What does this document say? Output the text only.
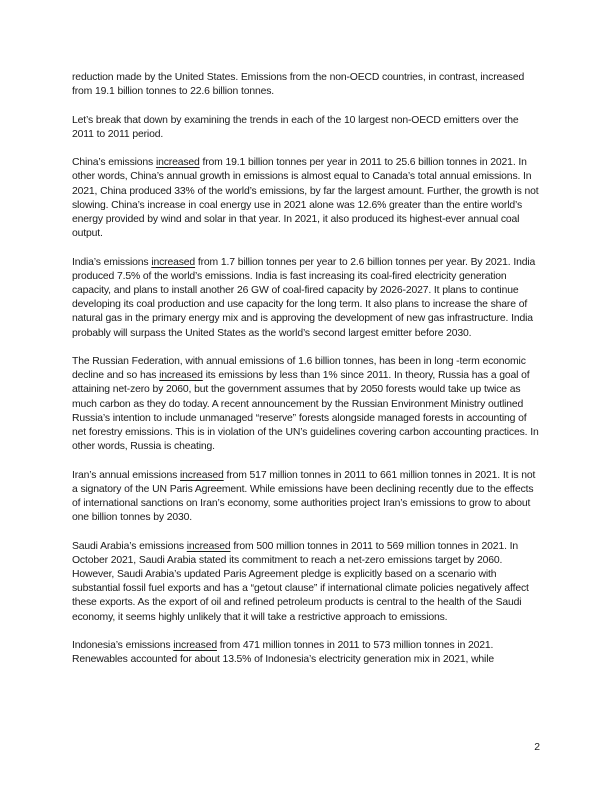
reduction made by the United States. Emissions from the non-OECD countries, in contrast, increased from 19.1 billion tonnes to 22.6 billion tonnes.

Let’s break that down by examining the trends in each of the 10 largest non-OECD emitters over the 2011 to 2011 period.

China’s emissions increased from 19.1 billion tonnes per year in 2011 to 25.6 billion tonnes in 2021. In other words, China’s annual growth in emissions is almost equal to Canada’s total annual emissions. In 2021, China produced 33% of the world’s emissions, by far the largest amount. Further, the growth is not slowing. China’s increase in coal energy use in 2021 alone was 12.6% greater than the entire world’s energy provided by wind and solar in that year. In 2021, it also produced its highest-ever annual coal output.

India’s emissions increased from 1.7 billion tonnes per year to 2.6 billion tonnes per year. By 2021. India produced 7.5% of the world’s emissions. India is fast increasing its coal-fired electricity generation capacity, and plans to install another 26 GW of coal-fired capacity by 2026-2027. It plans to continue developing its coal production and use capacity for the long term. It also plans to increase the share of natural gas in the primary energy mix and is approving the development of new gas infrastructure. India probably will surpass the United States as the world’s second largest emitter before 2030.

The Russian Federation, with annual emissions of 1.6 billion tonnes, has been in long -term economic decline and so has increased its emissions by less than 1% since 2011. In theory, Russia has a goal of attaining net-zero by 2060, but the government assumes that by 2050 forests would take up twice as much carbon as they do today. A recent announcement by the Russian Environment Ministry outlined Russia’s intention to include unmanaged “reserve” forests alongside managed forests in accounting of net forestry emissions. This is in violation of the UN’s guidelines covering carbon accounting practices. In other words, Russia is cheating.

Iran’s annual emissions increased from 517 million tonnes in 2011 to 661 million tonnes in 2021. It is not a signatory of the UN Paris Agreement. While emissions have been declining recently due to the effects of international sanctions on Iran’s economy, some authorities project Iran’s emissions to grow to about one billion tonnes by 2030.

Saudi Arabia’s emissions increased from 500 million tonnes in 2011 to 569 million tonnes in 2021. In October 2021, Saudi Arabia stated its commitment to reach a net-zero emissions target by 2060. However, Saudi Arabia’s updated Paris Agreement pledge is explicitly based on a scenario with substantial fossil fuel exports and has a “getout clause” if international climate policies negatively affect these exports. As the export of oil and refined petroleum products is central to the health of the Saudi economy, it seems highly unlikely that it will take a restrictive approach to emissions.

Indonesia’s emissions increased from 471 million tonnes in 2011 to 573 million tonnes in 2021. Renewables accounted for about 13.5% of Indonesia’s electricity generation mix in 2021, while

2
